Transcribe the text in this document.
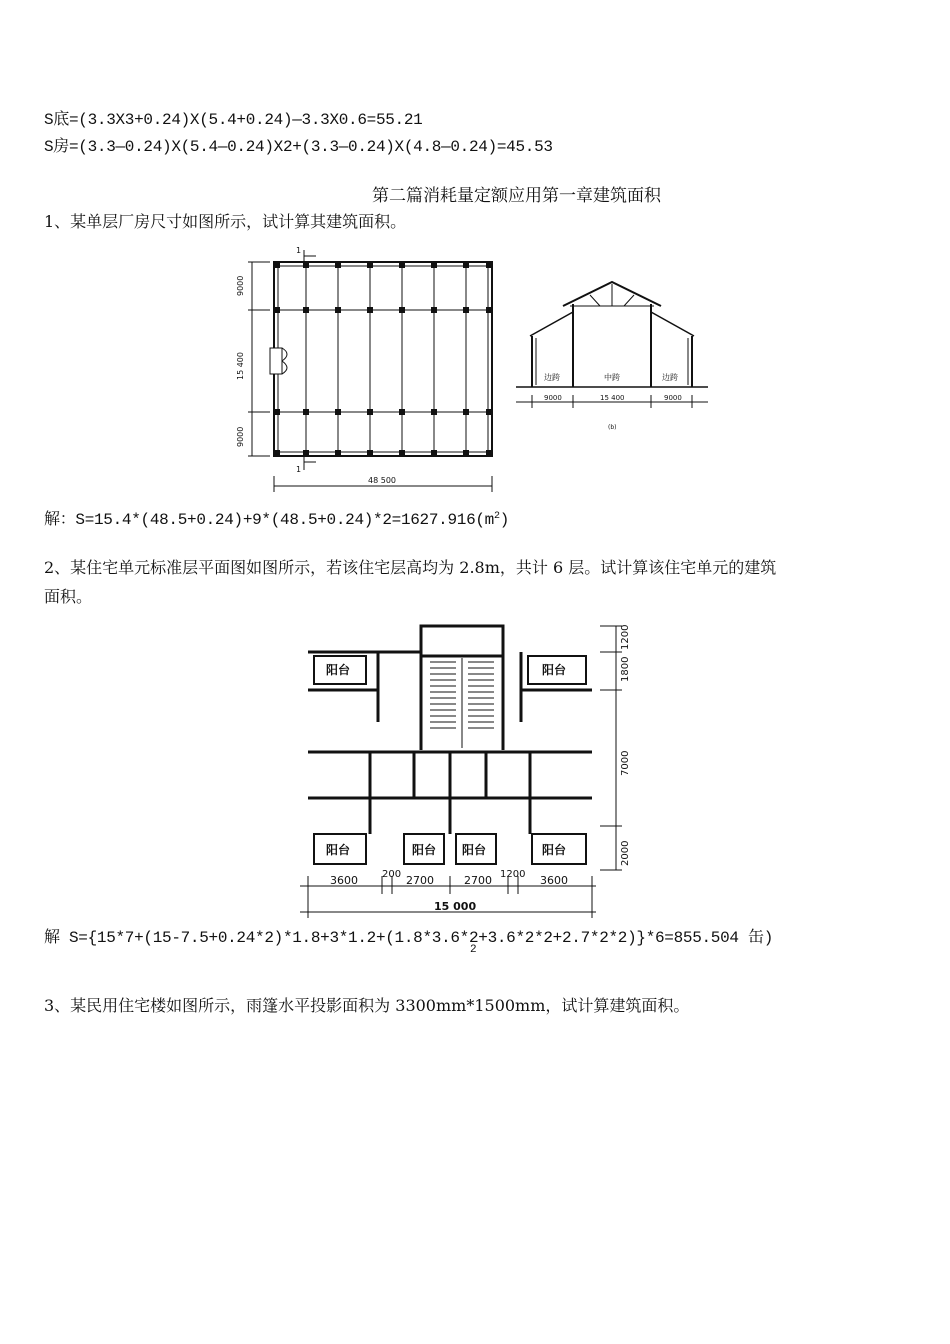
S底=(3.3X3+0.24)X(5.4+0.24)—3.3X0.6=55.21
S房=(3.3—0.24)X(5.4—0.24)X2+(3.3—0.24)X(4.8—0.24)=45.53
第二篇消耗量定额应用第一章建筑面积
1、某单层厂房尺寸如图所示，试计算其建筑面积。
1
1
9000
15 400
9000
48 500
边跨	中跨	边跨
9000	15 400	9000
(b)
解：$S=15.4*(48.5+0.24)+9*(48.5+0.24)*2=1627.916(m^2)$
2、某住宅单元标准层平面图如图所示，若该住宅层高均为 2.8m，共计 6 层。试计算该住宅单元的建筑
面积。
阳台	阳台
阳台	阳台 阳台	阳台
1200
1800
7000
2000
3600 200 2700	2700 1200 3600
15 000
解 S={15*7+(15-7.5+0.24*2)*1.8+3*1.2+(1.8*3.6*2+3.6*2*2+2.7*2*2)}*6=855.504 缶)
2
3、某民用住宅楼如图所示，雨篷水平投影面积为 3300mm*1500mm，试计算建筑面积。
